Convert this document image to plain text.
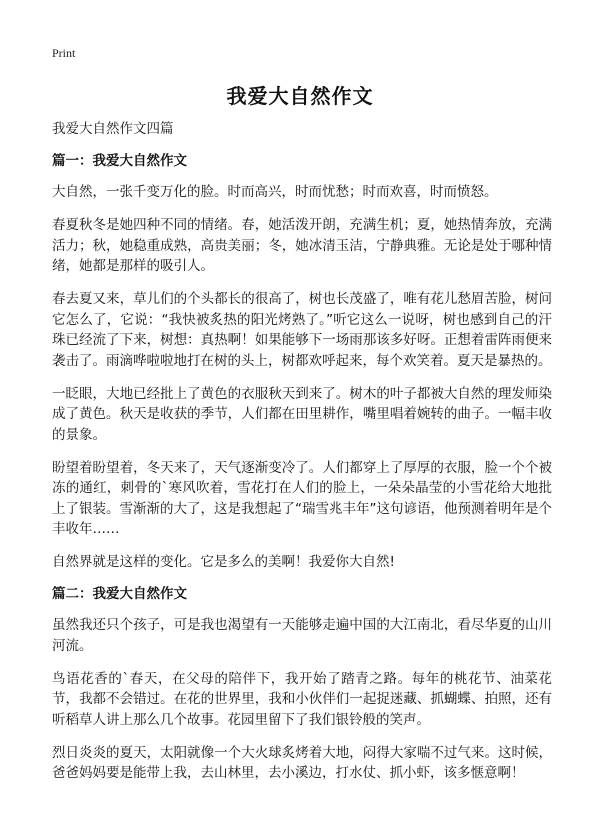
Print
我爱大自然作文
我爱大自然作文四篇
篇一：我爱大自然作文

大自然，一张千变万化的脸。时而高兴，时而忧愁；时而欢喜，时而愤怒。

春夏秋冬是她四种不同的情绪。春，她活泼开朗，充满生机；夏，她热情奔放，充满活力；秋，她稳重成熟，高贵美丽；冬，她冰清玉洁，宁静典雅。无论是处于哪种情绪，她都是那样的吸引人。

春去夏又来，草儿们的个头都长的很高了，树也长茂盛了，唯有花儿愁眉苦脸，树问它怎么了，它说：“我快被炙热的阳光烤熟了。”听它这么一说呀，树也感到自己的汗珠已经流了下来，树想：真热啊！如果能够下一场雨那该多好呀。正想着雷阵雨便来袭击了。雨滴哗啦啦地打在树的头上，树都欢呼起来，每个欢笑着。夏天是暴热的。

一眨眼，大地已经批上了黄色的衣服秋天到来了。树木的叶子都被大自然的理发师染成了黄色。秋天是收获的季节，人们都在田里耕作，嘴里唱着婉转的曲子。一幅丰收的景象。

盼望着盼望着，冬天来了，天气逐渐变冷了。人们都穿上了厚厚的衣服，脸一个个被冻的通红，刺骨的`寒风吹着，雪花打在人们的脸上，一朵朵晶莹的小雪花给大地批上了银装。雪渐渐的大了，这是我想起了“瑞雪兆丰年”这句谚语，他预测着明年是个丰收年……

自然界就是这样的变化。它是多么的美啊！我爱你大自然!

篇二：我爱大自然作文

虽然我还只个孩子，可是我也渴望有一天能够走遍中国的大江南北，看尽华夏的山川河流。

鸟语花香的`春天，在父母的陪伴下，我开始了踏青之路。每年的桃花节、油菜花节，我都不会错过。在花的世界里，我和小伙伴们一起捉迷藏、抓蝴蝶、拍照，还有听稻草人讲上那么几个故事。花园里留下了我们银铃般的笑声。

烈日炎炎的夏天，太阳就像一个大火球炙烤着大地，闷得大家喘不过气来。这时候，爸爸妈妈要是能带上我，去山林里，去小溪边，打水仗、抓小虾，该多惬意啊！
